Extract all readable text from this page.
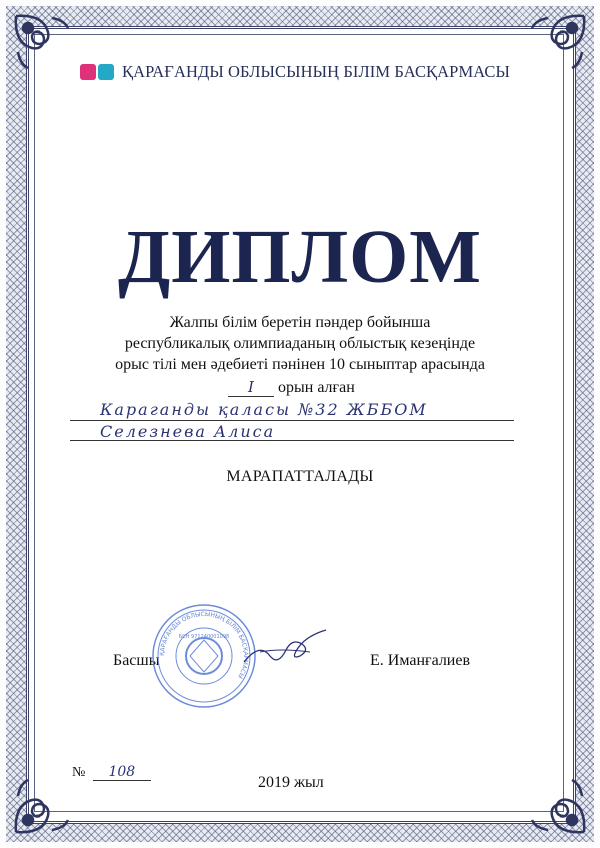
ҚАРАҒАНДЫ ОБЛЫСЫНЫҢ БІЛІМ БАСҚАРМАСЫ
ДИПЛОМ
Жалпы білім беретін пәндер бойынша
республикалық олимпиаданың облыстық кезеңінде
орыс тілі мен әдебиеті пәнінен 10 сыныптар арасында
I орын алған
Караганды қаласы №32 ЖББОМ
Селезнева Алиса
МАРАПАТТАЛАДЫ
Басшы	Е. Иманғалиев
ҚАРАҒАНДЫ ОБЛЫСЫНЫҢ БІЛІМ БАСҚАРМАСЫ
БСН 971240001098
№ 108
2019 жыл
